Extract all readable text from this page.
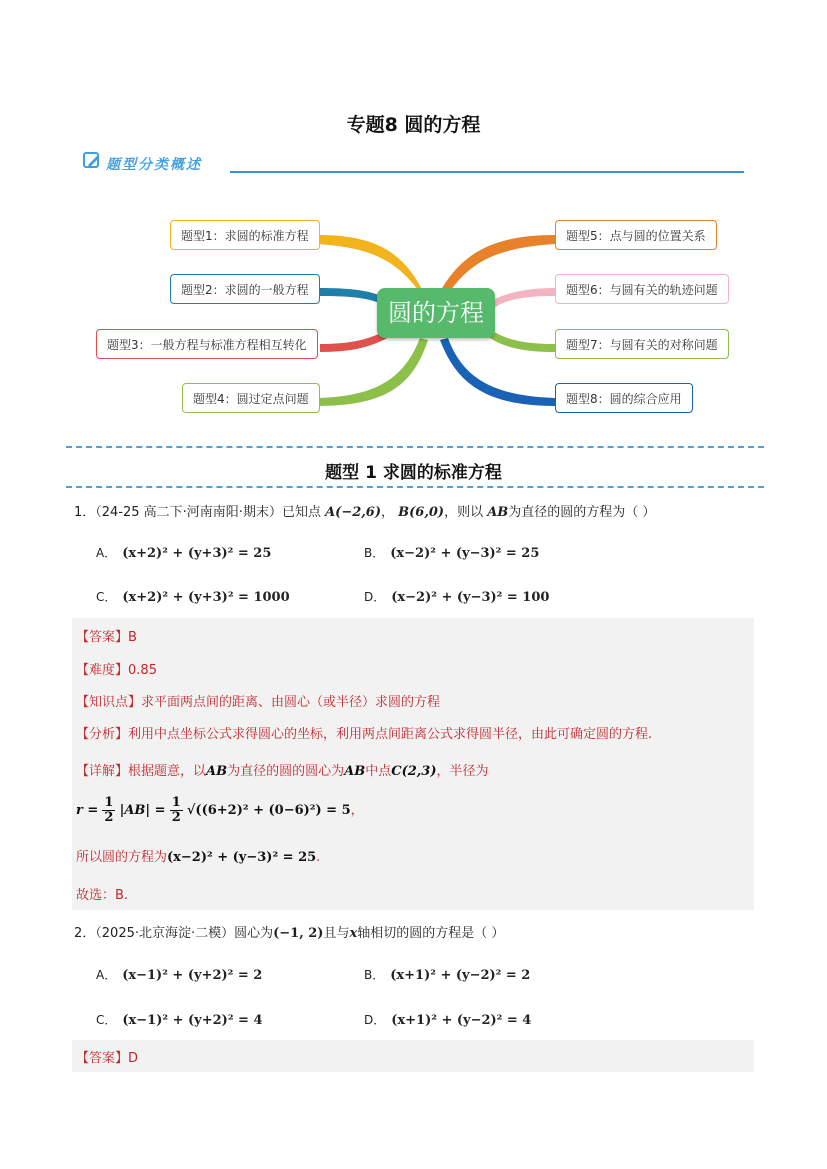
专题8 圆的方程
题型分类概述
圆的方程
题型1：求圆的标准方程
题型2：求圆的一般方程
题型3：一般方程与标准方程相互转化
题型4：圆过定点问题
题型5：点与圆的位置关系
题型6：与圆有关的轨迹问题
题型7：与圆有关的对称问题
题型8：圆的综合应用
题型 1 求圆的标准方程
1．（24-25 高二下·河南南阳·期末）已知点 A(−2,6)， B(6,0)，则以 AB为直径的圆的方程为（ ）
A． (x+2)² + (y+3)² = 25	B． (x−2)² + (y−3)² = 25
C． (x+2)² + (y+3)² = 1000	D． (x−2)² + (y−3)² = 100
【答案】B
【难度】0.85
【知识点】求平面两点间的距离、由圆心（或半径）求圆的方程
【分析】利用中点坐标公式求得圆心的坐标，利用两点间距离公式求得圆半径，由此可确定圆的方程.
【详解】根据题意，以AB为直径的圆的圆心为AB中点C(2,3)，半径为
$r = \frac{1}{2} |AB| = \frac{1}{2} √((6+2)^2 + (0-6)^2) = 5$，
所以圆的方程为(x−2)² + (y−3)² = 25.
故选：B.
2．（2025·北京海淀·二模）圆心为(−1, 2)且与x轴相切的圆的方程是（ ）
A． (x−1)² + (y+2)² = 2	B． (x+1)² + (y−2)² = 2
C． (x−1)² + (y+2)² = 4	D． (x+1)² + (y−2)² = 4
【答案】D
